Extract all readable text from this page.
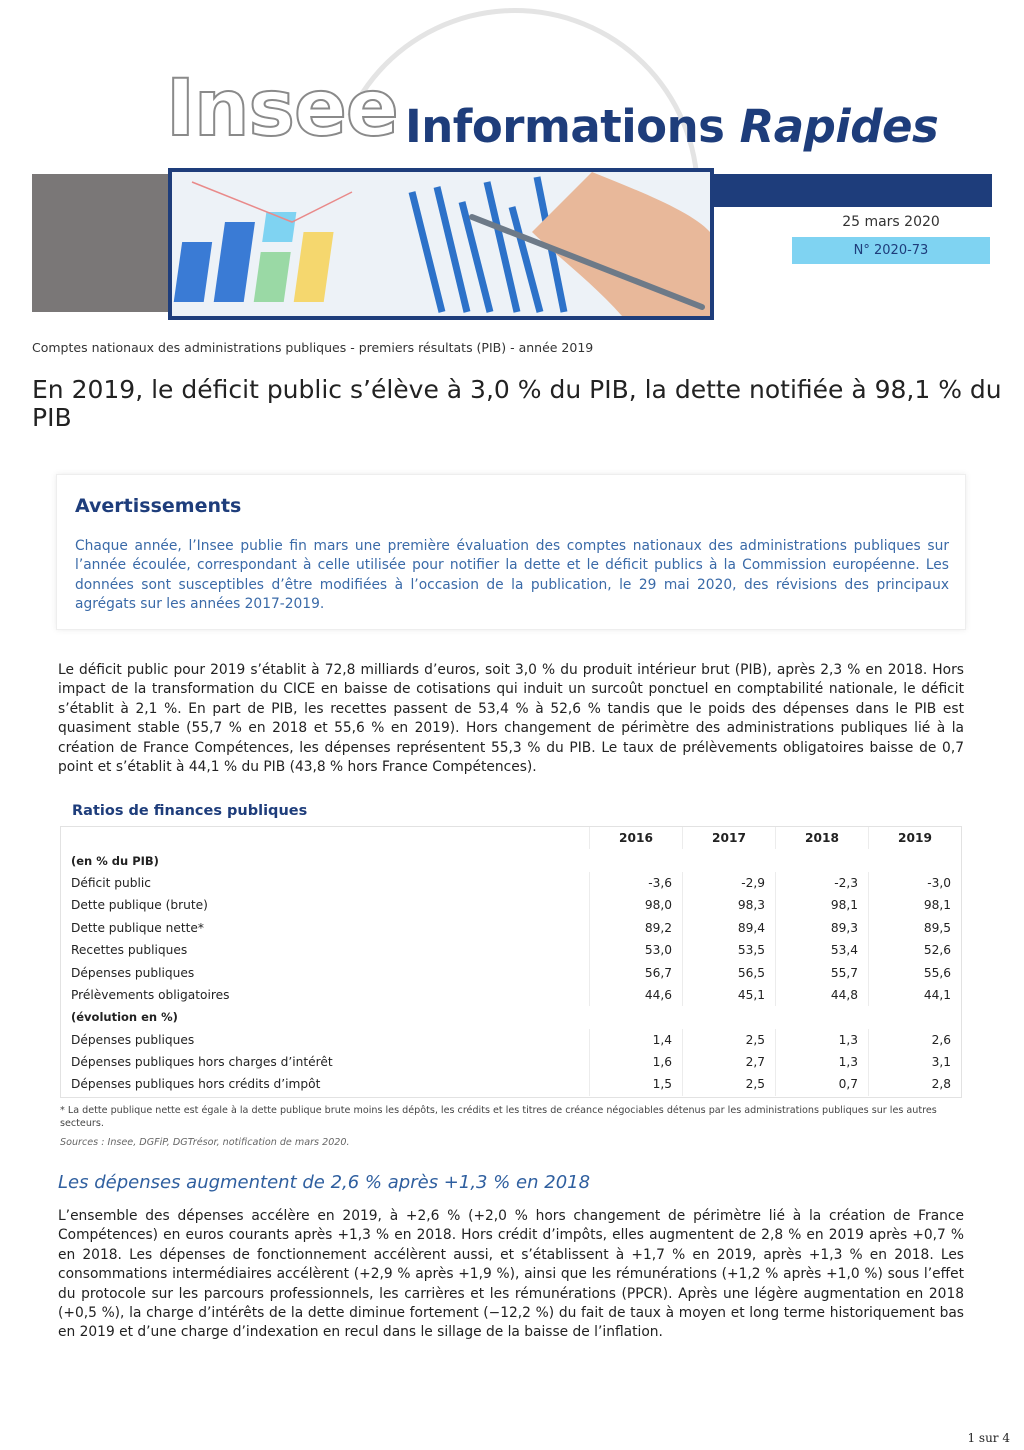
Insee Informations Rapides
25 mars 2020
N° 2020-73
Comptes nationaux des administrations publiques - premiers résultats (PIB) - année 2019
En 2019, le déficit public s’élève à 3,0 % du PIB, la dette notifiée à 98,1 % du PIB
Avertissements

Chaque année, l’Insee publie fin mars une première évaluation des comptes nationaux des administrations publiques sur l’année écoulée, correspondant à celle utilisée pour notifier la dette et le déficit publics à la Commission européenne. Les données sont susceptibles d’être modifiées à l’occasion de la publication, le 29 mai 2020, des révisions des principaux agrégats sur les années 2017-2019.

Le déficit public pour 2019 s’établit à 72,8 milliards d’euros, soit 3,0 % du produit intérieur brut (PIB), après 2,3 % en 2018. Hors impact de la transformation du CICE en baisse de cotisations qui induit un surcoût ponctuel en comptabilité nationale, le déficit s’établit à 2,1 %. En part de PIB, les recettes passent de 53,4 % à 52,6 % tandis que le poids des dépenses dans le PIB est quasiment stable (55,7 % en 2018 et 55,6 % en 2019). Hors changement de périmètre des administrations publiques lié à la création de France Compétences, les dépenses représentent 55,3 % du PIB. Le taux de prélèvements obligatoires baisse de 0,7 point et s’établit à 44,1 % du PIB (43,8 % hors France Compétences).

Ratios de finances publiques
	2016	2017	2018	2019
(en % du PIB)				
Déficit public	-3,6	-2,9	-2,3	-3,0
Dette publique (brute)	98,0	98,3	98,1	98,1
Dette publique nette*	89,2	89,4	89,3	89,5
Recettes publiques	53,0	53,5	53,4	52,6
Dépenses publiques	56,7	56,5	55,7	55,6
Prélèvements obligatoires	44,6	45,1	44,8	44,1
(évolution en %)				
Dépenses publiques	1,4	2,5	1,3	2,6
Dépenses publiques hors charges d’intérêt	1,6	2,7	1,3	3,1
Dépenses publiques hors crédits d’impôt	1,5	2,5	0,7	2,8
* La dette publique nette est égale à la dette publique brute moins les dépôts, les crédits et les titres de créance négociables détenus par les administrations publiques sur les autres secteurs.
Sources : Insee, DGFiP, DGTrésor, notification de mars 2020.
Les dépenses augmentent de 2,6 % après +1,3 % en 2018

L’ensemble des dépenses accélère en 2019, à +2,6 % (+2,0 % hors changement de périmètre lié à la création de France Compétences) en euros courants après +1,3 % en 2018. Hors crédit d’impôts, elles augmentent de 2,8 % en 2019 après +0,7 % en 2018. Les dépenses de fonctionnement accélèrent aussi, et s’établissent à +1,7 % en 2019, après +1,3 % en 2018. Les consommations intermédiaires accélèrent (+2,9 % après +1,9 %), ainsi que les rémunérations (+1,2 % après +1,0 %) sous l’effet du protocole sur les parcours professionnels, les carrières et les rémunérations (PPCR). Après une légère augmentation en 2018 (+0,5 %), la charge d’intérêts de la dette diminue fortement (−12,2 %) du fait de taux à moyen et long terme historiquement bas en 2019 et d’une charge d’indexation en recul dans le sillage de la baisse de l’inflation.

1 sur 4
